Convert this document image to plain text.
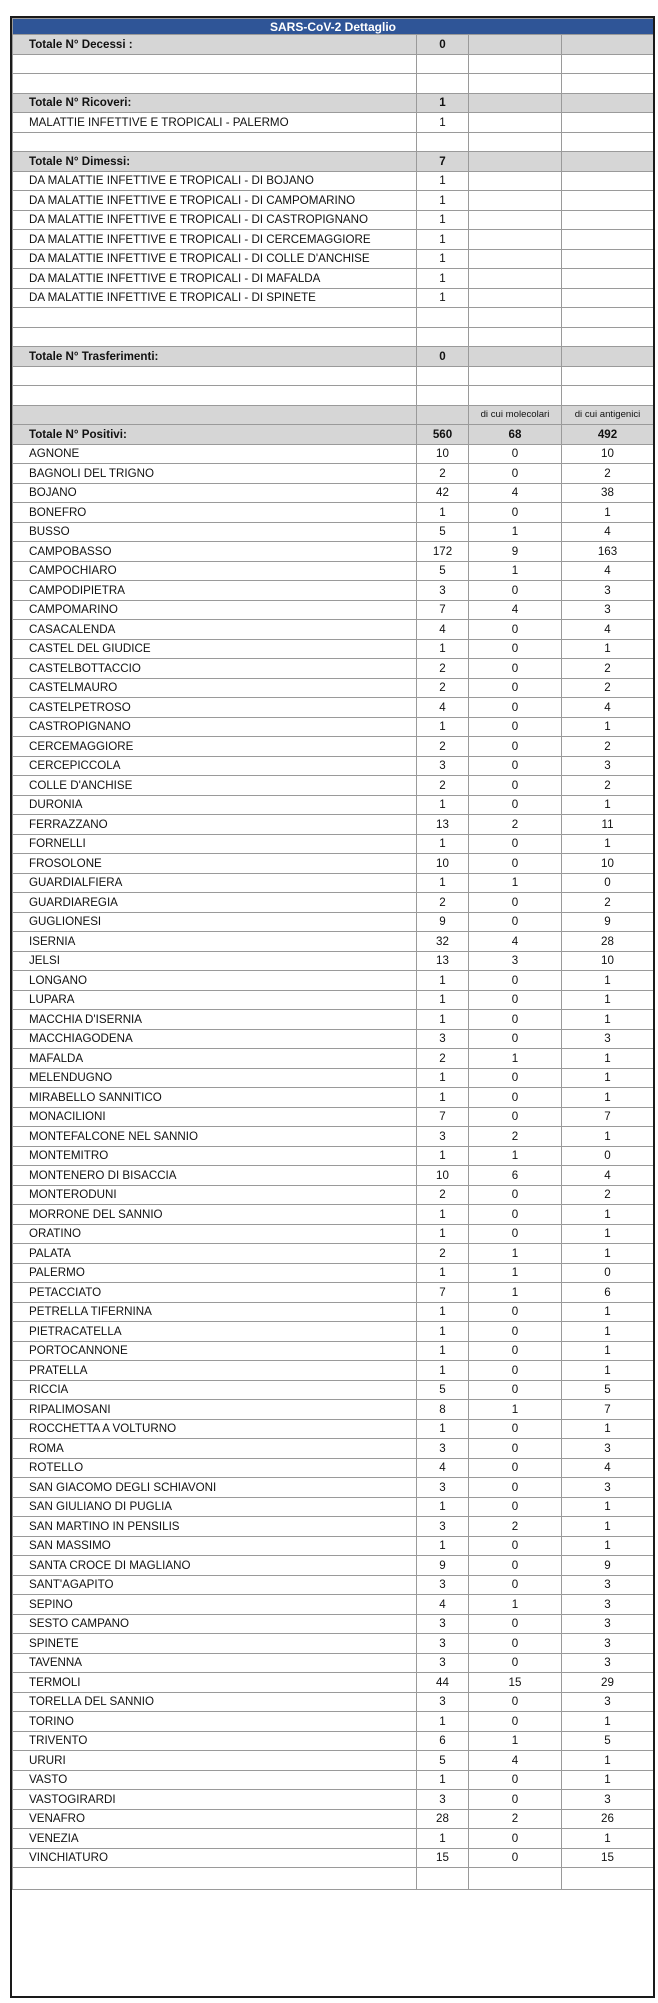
SARS-CoV-2 Dettaglio			
Totale N° Decessi :	0		

Totale N° Ricoveri:	1		
MALATTIE INFETTIVE E TROPICALI - PALERMO	1		

Totale N° Dimessi:	7		
DA MALATTIE INFETTIVE E TROPICALI - DI BOJANO	1		
DA MALATTIE INFETTIVE E TROPICALI - DI CAMPOMARINO	1		
DA MALATTIE INFETTIVE E TROPICALI - DI CASTROPIGNANO	1		
DA MALATTIE INFETTIVE E TROPICALI - DI CERCEMAGGIORE	1		
DA MALATTIE INFETTIVE E TROPICALI - DI COLLE D'ANCHISE	1		
DA MALATTIE INFETTIVE E TROPICALI - DI MAFALDA	1		
DA MALATTIE INFETTIVE E TROPICALI - DI SPINETE	1		

Totale N° Trasferimenti:	0		

		di cui molecolari	di cui antigenici
Totale N° Positivi:	560	68	492
AGNONE	10	0	10
BAGNOLI DEL TRIGNO	2	0	2
BOJANO	42	4	38
BONEFRO	1	0	1
BUSSO	5	1	4
CAMPOBASSO	172	9	163
CAMPOCHIARO	5	1	4
CAMPODIPIETRA	3	0	3
CAMPOMARINO	7	4	3
CASACALENDA	4	0	4
CASTEL DEL GIUDICE	1	0	1
CASTELBOTTACCIO	2	0	2
CASTELMAURO	2	0	2
CASTELPETROSO	4	0	4
CASTROPIGNANO	1	0	1
CERCEMAGGIORE	2	0	2
CERCEPICCOLA	3	0	3
COLLE D'ANCHISE	2	0	2
DURONIA	1	0	1
FERRAZZANO	13	2	11
FORNELLI	1	0	1
FROSOLONE	10	0	10
GUARDIALFIERA	1	1	0
GUARDIAREGIA	2	0	2
GUGLIONESI	9	0	9
ISERNIA	32	4	28
JELSI	13	3	10
LONGANO	1	0	1
LUPARA	1	0	1
MACCHIA D'ISERNIA	1	0	1
MACCHIAGODENA	3	0	3
MAFALDA	2	1	1
MELENDUGNO	1	0	1
MIRABELLO SANNITICO	1	0	1
MONACILIONI	7	0	7
MONTEFALCONE NEL SANNIO	3	2	1
MONTEMITRO	1	1	0
MONTENERO DI BISACCIA	10	6	4
MONTERODUNI	2	0	2
MORRONE DEL SANNIO	1	0	1
ORATINO	1	0	1
PALATA	2	1	1
PALERMO	1	1	0
PETACCIATO	7	1	6
PETRELLA TIFERNINA	1	0	1
PIETRACATELLA	1	0	1
PORTOCANNONE	1	0	1
PRATELLA	1	0	1
RICCIA	5	0	5
RIPALIMOSANI	8	1	7
ROCCHETTA A VOLTURNO	1	0	1
ROMA	3	0	3
ROTELLO	4	0	4
SAN GIACOMO DEGLI SCHIAVONI	3	0	3
SAN GIULIANO DI PUGLIA	1	0	1
SAN MARTINO IN PENSILIS	3	2	1
SAN MASSIMO	1	0	1
SANTA CROCE DI MAGLIANO	9	0	9
SANT'AGAPITO	3	0	3
SEPINO	4	1	3
SESTO CAMPANO	3	0	3
SPINETE	3	0	3
TAVENNA	3	0	3
TERMOLI	44	15	29
TORELLA DEL SANNIO	3	0	3
TORINO	1	0	1
TRIVENTO	6	1	5
URURI	5	4	1
VASTO	1	0	1
VASTOGIRARDI	3	0	3
VENAFRO	28	2	26
VENEZIA	1	0	1
VINCHIATURO	15	0	15
